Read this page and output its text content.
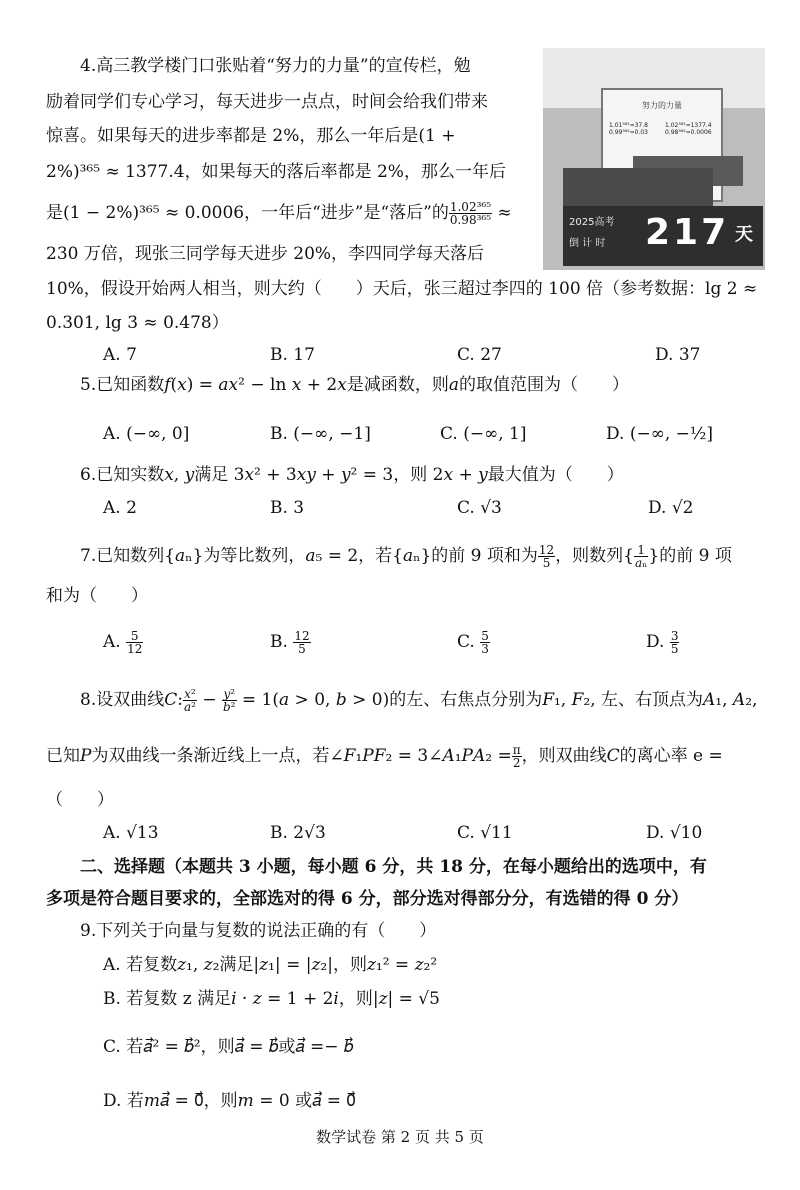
4.高三教学楼门口张贴着“努力的力量”的宣传栏，勉
励着同学们专心学习，每天进步一点点，时间会给我们带来
惊喜。如果每天的进步率都是 2%，那么一年后是(1 +
2%)³⁶⁵ ≈ 1377.4，如果每天的落后率都是 2%，那么一年后
是(1 − 2%)³⁶⁵ ≈ 0.0006，一年后“进步”是“落后”的 $\frac{\text{1.02³⁶⁵}}{\text{0.98³⁶⁵}}$ ≈
230 万倍，现张三同学每天进步 20%，李四同学每天落后
10%，假设开始两人相当，则大约（　　）天后，张三超过李四的 100 倍（参考数据：lg 2 ≈
0.301, lg 3 ≈ 0.478）
A. 7	B. 17	C. 27	D. 37
努力的力量
1.01³⁶⁵≈37.8
0.99³⁶⁵≈0.03
1.02³⁶⁵≈1377.4
0.98³⁶⁵≈0.0006
2025高考
倒 计 时 217 天
5.已知函数𝑓(𝑥) = 𝑎𝑥² − ln 𝑥 + 2𝑥是减函数，则𝑎的取值范围为（　　）
A. (−∞, 0]	B. (−∞, −1]	C. (−∞, 1]	D. (−∞, −½]
6.已知实数𝑥, 𝑦满足 3𝑥² + 3𝑥𝑦 + 𝑦² = 3，则 2𝑥 + 𝑦最大值为（　　）
A. 2	B. 3	C. √3	D. √2
7.已知数列{𝑎ₙ}为等比数列，𝑎₅ = 2，若{𝑎ₙ}的前 9 项和为 $\frac{12}{5}$ ，则数列{ $\frac{1}{\text{𝑎ₙ}}$ }的前 9 项
和为（　　）
A. $\frac{5}{12}$	B. $\frac{12}{5}$	C. $\frac{5}{3}$	D. $\frac{3}{5}$
8.设双曲线𝐶: $\frac{\text{𝑥²}}{\text{𝑎²}} - \frac{\text{𝑦²}}{\text{𝑏²}}$ = 1(𝑎 > 0, 𝑏 > 0)的左、右焦点分别为𝐹₁, 𝐹₂, 左、右顶点为𝐴₁, 𝐴₂,
已知𝑃为双曲线一条渐近线上一点，若∠𝐹₁𝑃𝐹₂ = 3∠𝐴₁𝑃𝐴₂ = $\frac{\pi}{2}$ ，则双曲线𝐶的离心率 e =
（　　）
A. √13	B. 2√3	C. √11	D. √10
二、选择题（本题共 3 小题，每小题 6 分，共 18 分，在每小题给出的选项中，有
多项是符合题目要求的，全部选对的得 6 分，部分选对得部分分，有选错的得 0 分）
9.下列关于向量与复数的说法正确的有（　　）
A. 若复数𝑧₁, 𝑧₂满足|𝑧₁| = |𝑧₂|，则𝑧₁² = 𝑧₂²
B. 若复数 z 满足𝑖 · 𝑧 = 1 + 2𝑖，则|𝑧| = √5
C. 若𝑎⃗² = 𝑏⃗²，则𝑎⃗ = 𝑏⃗或𝑎⃗ =− 𝑏⃗
D. 若𝑚𝑎⃗ = 0⃗，则𝑚 = 0 或𝑎⃗ = 0⃗
数学试卷 第 2 页 共 5 页
